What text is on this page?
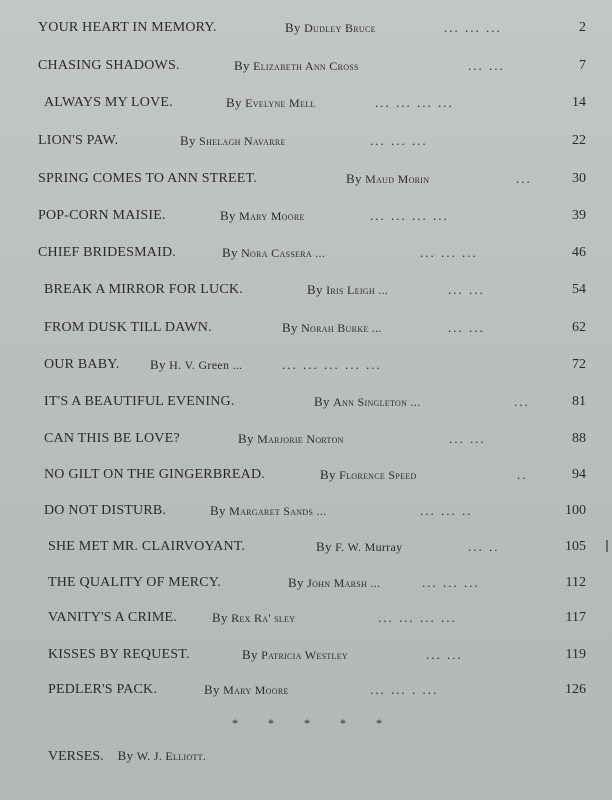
YOUR HEART IN MEMORY.	By Dudley Bruce	... ... ...	2
CHASING SHADOWS.	By Elizabeth Ann Cross	... ...	7
ALWAYS MY LOVE.	By Evelyne Mell	... ... ... ...	14
LION'S PAW.	By Shelagh Navarre	... ... ...	22
SPRING COMES TO ANN STREET.	By Maud Morin	...	30
POP-CORN MAISIE.	By Mary Moore	... ... ... ...	39
CHIEF BRIDESMAID.	By Nora Cassera ...	... ... ...	46
BREAK A MIRROR FOR LUCK.	By Iris Leigh ...	... ...	54
FROM DUSK TILL DAWN.	By Norah Burke ...	... ...	62
OUR BABY. By H. V. Green ...	... ... ... ... ...	72
IT'S A BEAUTIFUL EVENING.	By Ann Singleton ...	...	81
CAN THIS BE LOVE?	By Marjorie Norton	... ...	88
NO GILT ON THE GINGERBREAD.	By Florence Speed	..	94
DO NOT DISTURB.	By Margaret Sands ...	... ... ..	100
SHE MET MR. CLAIRVOYANT.	By F. W. Murray	... ..	105
THE QUALITY OF MERCY.	By John Marsh ...	... ... ...	112
VANITY'S A CRIME.	By Rex Ra' sley	... ... ... ...	117
KISSES BY REQUEST.	By Patricia Westley	... ...	119
PEDLER'S PACK.	By Mary Moore	... ... . ...	126
* * * * *
VERSES. By W. J. Elliott.
